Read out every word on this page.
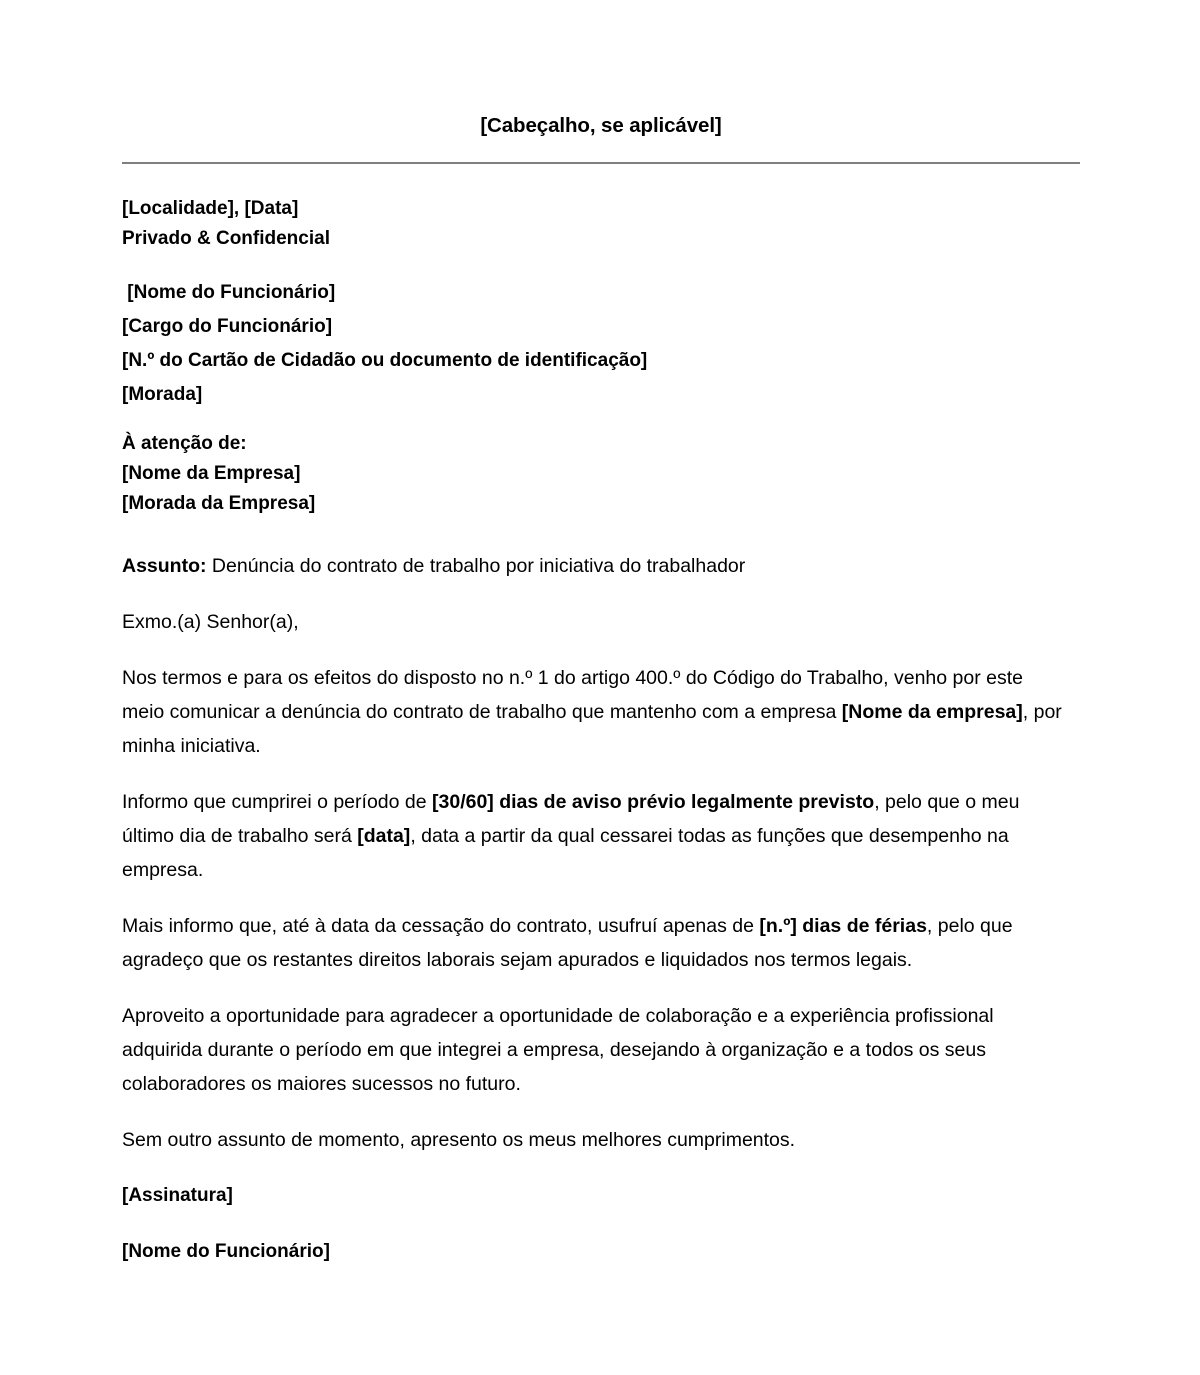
[Cabeçalho, se aplicável]
[Localidade], [Data]
Privado & Confidencial
[Nome do Funcionário]
[Cargo do Funcionário]
[N.º do Cartão de Cidadão ou documento de identificação]
[Morada]
À atenção de:
[Nome da Empresa]
[Morada da Empresa]

Assunto: Denúncia do contrato de trabalho por iniciativa do trabalhador

Exmo.(a) Senhor(a),

Nos termos e para os efeitos do disposto no n.º 1 do artigo 400.º do Código do Trabalho, venho por este meio comunicar a denúncia do contrato de trabalho que mantenho com a empresa [Nome da empresa], por minha iniciativa.

Informo que cumprirei o período de [30/60] dias de aviso prévio legalmente previsto, pelo que o meu último dia de trabalho será [data], data a partir da qual cessarei todas as funções que desempenho na empresa.

Mais informo que, até à data da cessação do contrato, usufruí apenas de [n.º] dias de férias, pelo que agradeço que os restantes direitos laborais sejam apurados e liquidados nos termos legais.

Aproveito a oportunidade para agradecer a oportunidade de colaboração e a experiência profissional adquirida durante o período em que integrei a empresa, desejando à organização e a todos os seus colaboradores os maiores sucessos no futuro.

Sem outro assunto de momento, apresento os meus melhores cumprimentos.

[Assinatura]
[Nome do Funcionário]
